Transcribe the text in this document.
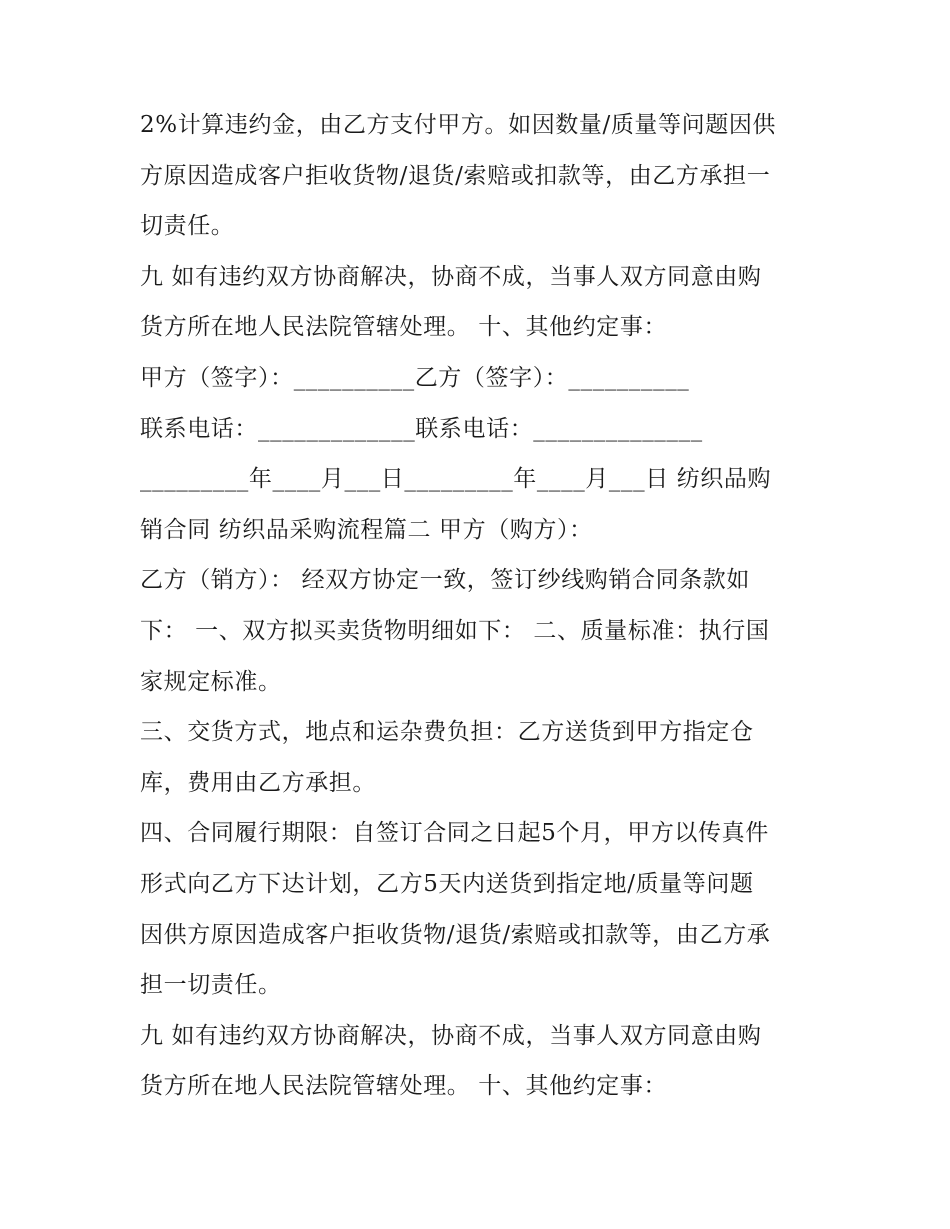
2%计算违约金，由乙方支付甲方。如因数量/质量等问题因供
方原因造成客户拒收货物/退货/索赔或扣款等，由乙方承担一
切责任。
九 如有违约双方协商解决，协商不成，当事人双方同意由购
货方所在地人民法院管辖处理。 十、其他约定事：
甲方（签字）：__________乙方（签字）：__________
联系电话：_____________联系电话：______________
_________年____月___日_________年____月___日 纺织品购
销合同 纺织品采购流程篇二 甲方（购方）：
乙方（销方）： 经双方协定一致，签订纱线购销合同条款如
下： 一、双方拟买卖货物明细如下： 二、质量标准：执行国
家规定标准。
三、交货方式，地点和运杂费负担：乙方送货到甲方指定仓
库，费用由乙方承担。
四、合同履行期限：自签订合同之日起5个月，甲方以传真件
形式向乙方下达计划，乙方5天内送货到指定地/质量等问题
因供方原因造成客户拒收货物/退货/索赔或扣款等，由乙方承
担一切责任。
九 如有违约双方协商解决，协商不成，当事人双方同意由购
货方所在地人民法院管辖处理。 十、其他约定事：
